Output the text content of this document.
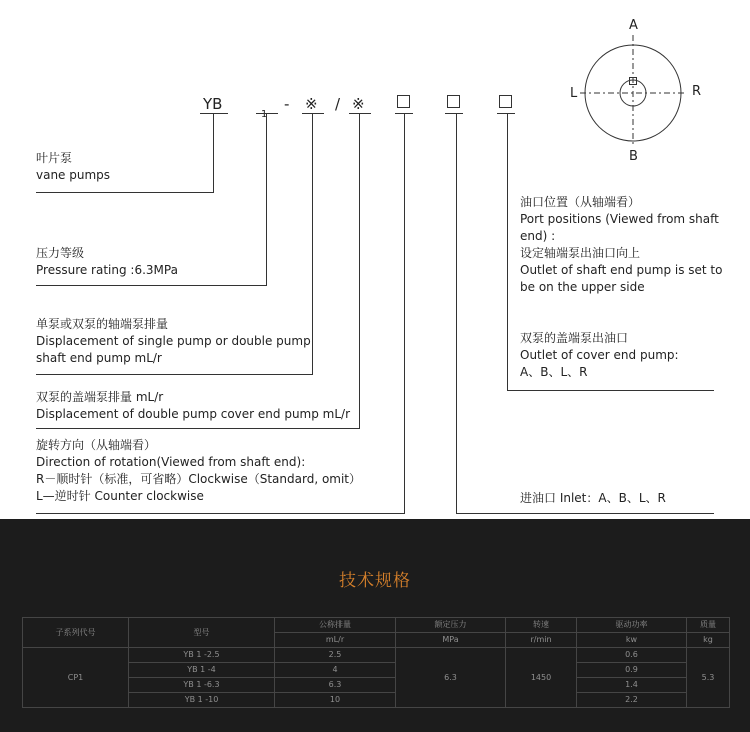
YB
1
- ※ / ※
A
B
L	R
叶片泵
vane pumps
压力等级
Pressure rating :6.3MPa
单泵或双泵的轴端泵排量
Displacement of single pump or double pump
shaft end pump mL/r
双泵的盖端泵排量 mL/r
Displacement of double pump cover end pump mL/r
旋转方向（从轴端看）
Direction of rotation(Viewed from shaft end):
R－顺时针（标准，可省略）Clockwise（Standard, omit）
L—逆时针 Counter clockwise
油口位置（从轴端看）
Port positions (Viewed from shaft
end) :
设定轴端泵出油口向上
Outlet of shaft end pump is set to
be on the upper side
双泵的盖端泵出油口
Outlet of cover end pump:
A、B、L、R
进油口 Inlet：A、B、L、R
技术规格
子系列代号	型号	公称排量	额定压力	转速	驱动功率	质量
		mL/r	MPa	r/min	kw	kg
CP1	YB 1 -2.5	2.5	6.3	1450	0.6	5.3
	YB 1 -4	4			0.9	
	YB 1 -6.3	6.3			1.4	
	YB 1 -10	10			2.2	
